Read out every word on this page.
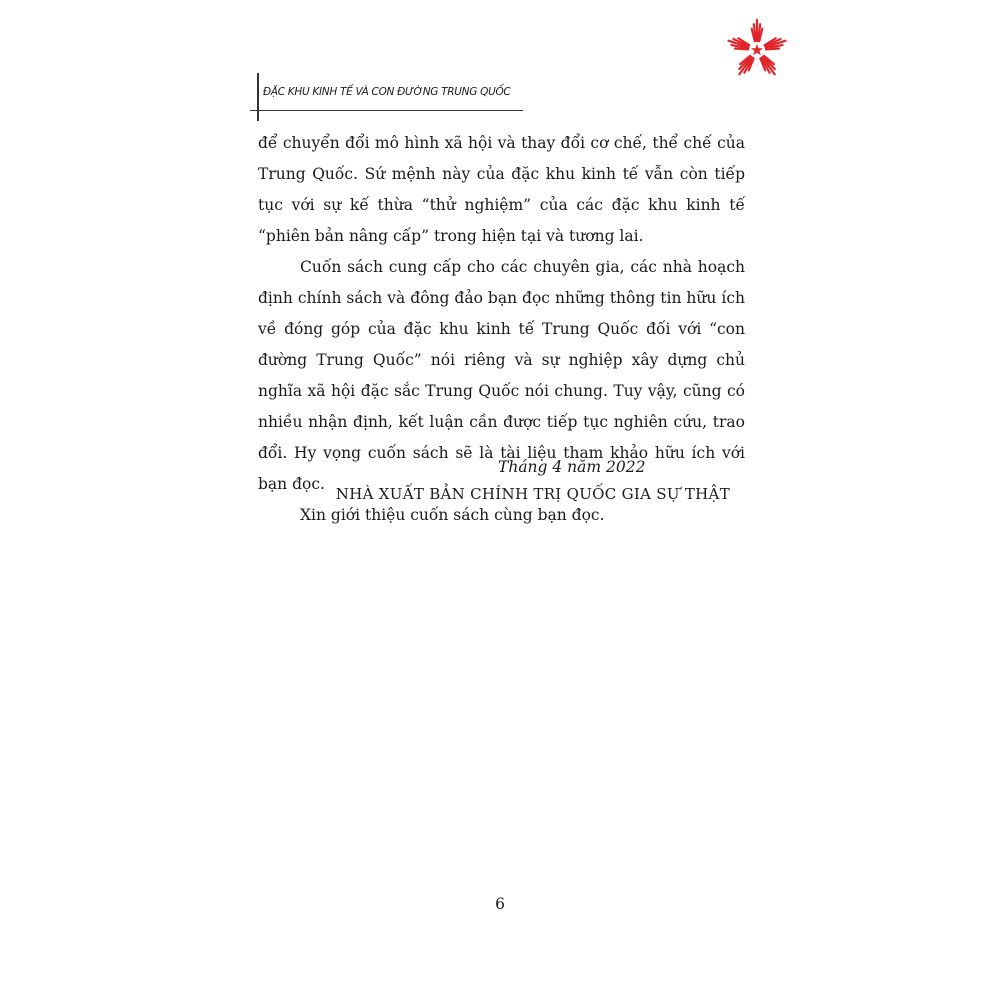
ĐẶC KHU KINH TẾ VÀ CON ĐƯỜNG TRUNG QUỐC

để chuyển đổi mô hình xã hội và thay đổi cơ chế, thể chế của Trung Quốc. Sứ mệnh này của đặc khu kinh tế vẫn còn tiếp tục với sự kế thừa “thử nghiệm” của các đặc khu kinh tế “phiên bản nâng cấp” trong hiện tại và tương lai.

Cuốn sách cung cấp cho các chuyên gia, các nhà hoạch định chính sách và đông đảo bạn đọc những thông tin hữu ích về đóng góp của đặc khu kinh tế Trung Quốc đối với “con đường Trung Quốc” nói riêng và sự nghiệp xây dựng chủ nghĩa xã hội đặc sắc Trung Quốc nói chung. Tuy vậy, cũng có nhiều nhận định, kết luận cần được tiếp tục nghiên cứu, trao đổi. Hy vọng cuốn sách sẽ là tài liệu tham khảo hữu ích với bạn đọc.

Xin giới thiệu cuốn sách cùng bạn đọc.

Tháng 4 năm 2022
NHÀ XUẤT BẢN CHÍNH TRỊ QUỐC GIA SỰ THẬT
6
